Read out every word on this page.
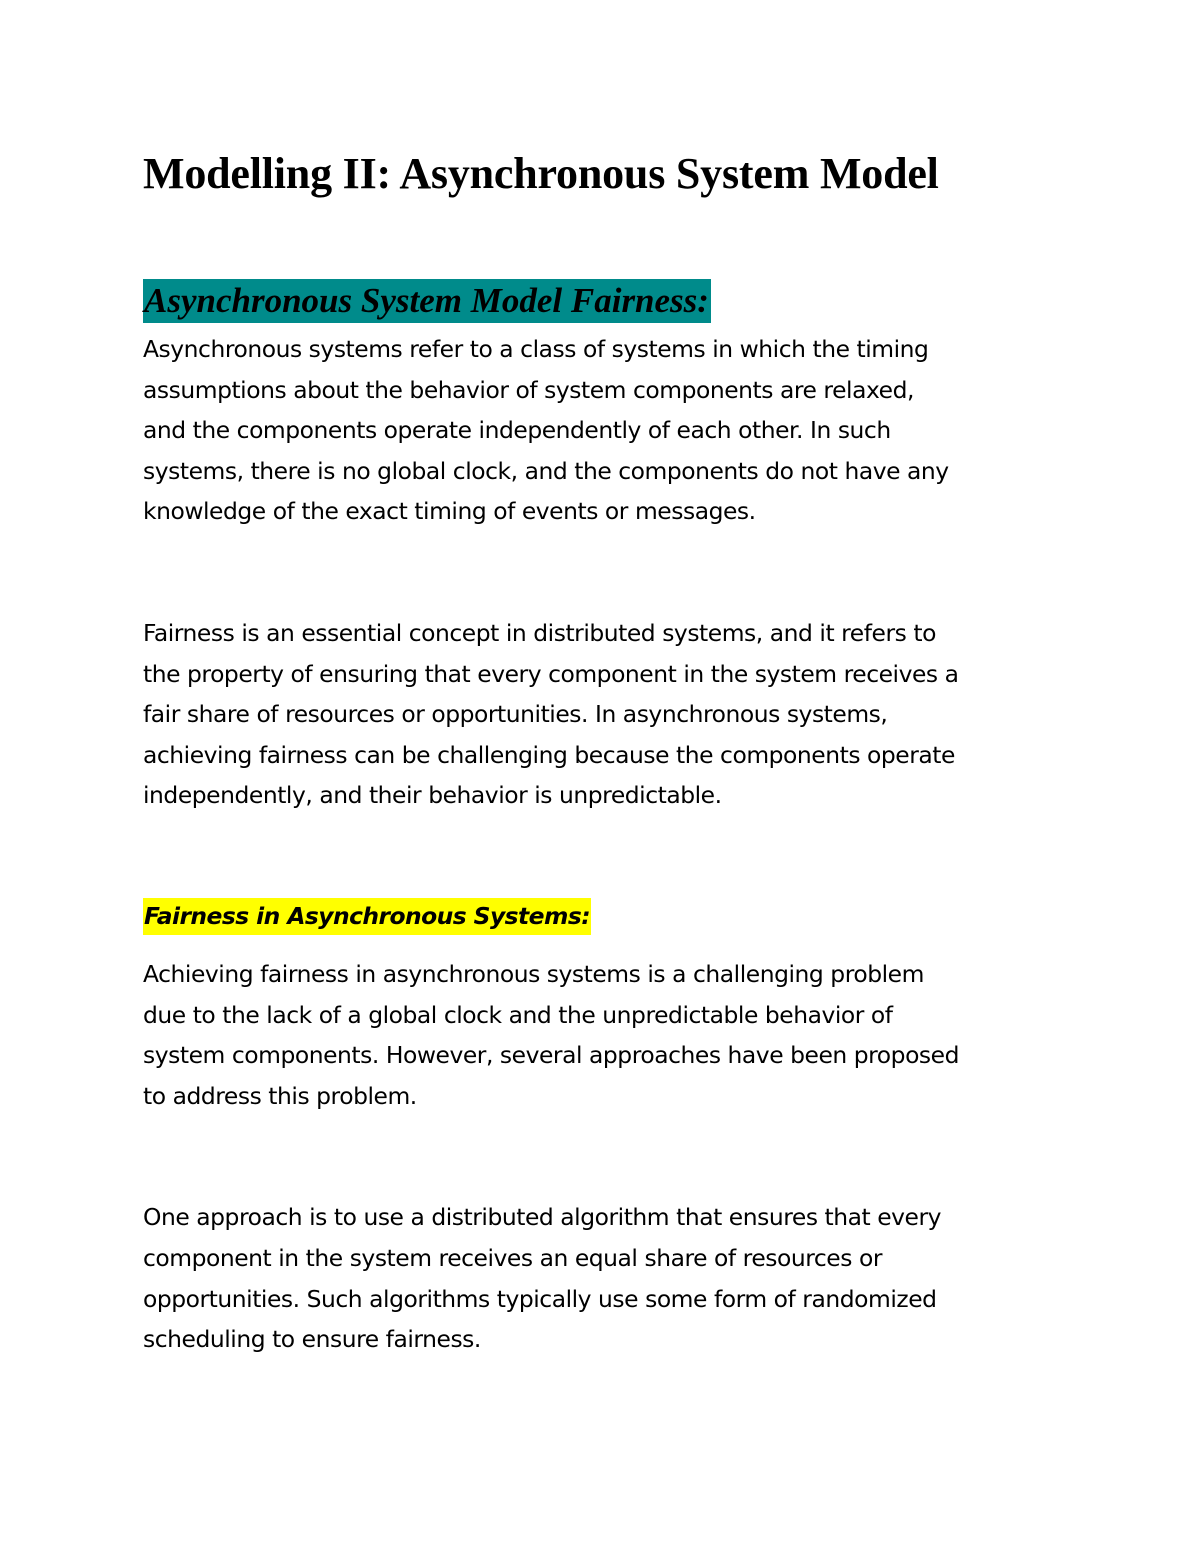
Modelling II: Asynchronous System Model
Asynchronous System Model Fairness:

Asynchronous systems refer to a class of systems in which the timing
assumptions about the behavior of system components are relaxed,
and the components operate independently of each other. In such
systems, there is no global clock, and the components do not have any
knowledge of the exact timing of events or messages.

Fairness is an essential concept in distributed systems, and it refers to
the property of ensuring that every component in the system receives a
fair share of resources or opportunities. In asynchronous systems,
achieving fairness can be challenging because the components operate
independently, and their behavior is unpredictable.

Fairness in Asynchronous Systems:

Achieving fairness in asynchronous systems is a challenging problem
due to the lack of a global clock and the unpredictable behavior of
system components. However, several approaches have been proposed
to address this problem.

One approach is to use a distributed algorithm that ensures that every
component in the system receives an equal share of resources or
opportunities. Such algorithms typically use some form of randomized
scheduling to ensure fairness.
